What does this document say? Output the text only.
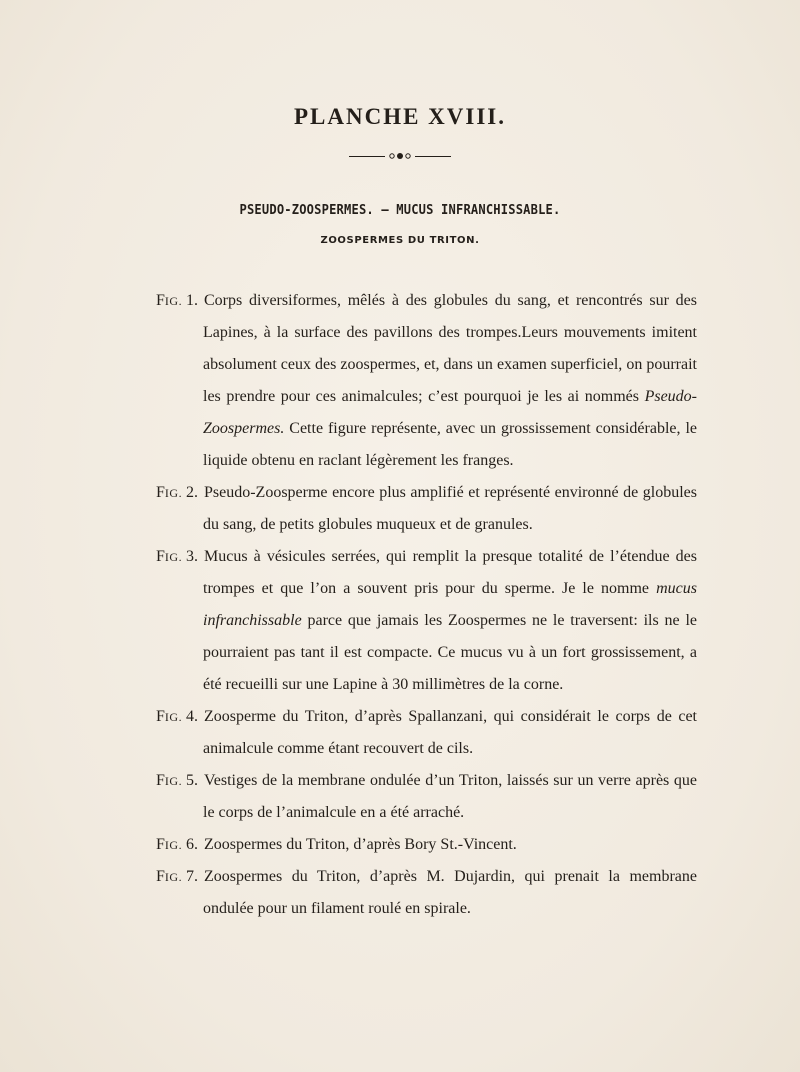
PLANCHE XVIII.
PSEUDO-ZOOSPERMES. — MUCUS INFRANCHISSABLE.
ZOOSPERMES DU TRITON.
FIG. 1. Corps diversiformes, mêlés à des globules du sang, et rencontrés sur des Lapines, à la surface des pavillons des trompes.Leurs mouvements imitent absolument ceux des zoospermes, et, dans un examen superficiel, on pourrait les prendre pour ces animalcules; c’est pourquoi je les ai nommés Pseudo-Zoospermes. Cette figure représente, avec un grossissement considérable, le liquide obtenu en raclant légèrement les franges.
FIG. 2. Pseudo-Zoosperme encore plus amplifié et représenté environné de globules du sang, de petits globules muqueux et de granules.
FIG. 3. Mucus à vésicules serrées, qui remplit la presque totalité de l’étendue des trompes et que l’on a souvent pris pour du sperme. Je le nomme mucus infranchissable parce que jamais les Zoospermes ne le traversent: ils ne le pourraient pas tant il est compacte. Ce mucus vu à un fort grossissement, a été recueilli sur une Lapine à 30 millimètres de la corne.
FIG. 4. Zoosperme du Triton, d’après Spallanzani, qui considérait le corps de cet animalcule comme étant recouvert de cils.
FIG. 5. Vestiges de la membrane ondulée d’un Triton, laissés sur un verre après que le corps de l’animalcule en a été arraché.
FIG. 6. Zoospermes du Triton, d’après Bory St.-Vincent.
FIG. 7. Zoospermes du Triton, d’après M. Dujardin, qui prenait la membrane ondulée pour un filament roulé en spirale.
